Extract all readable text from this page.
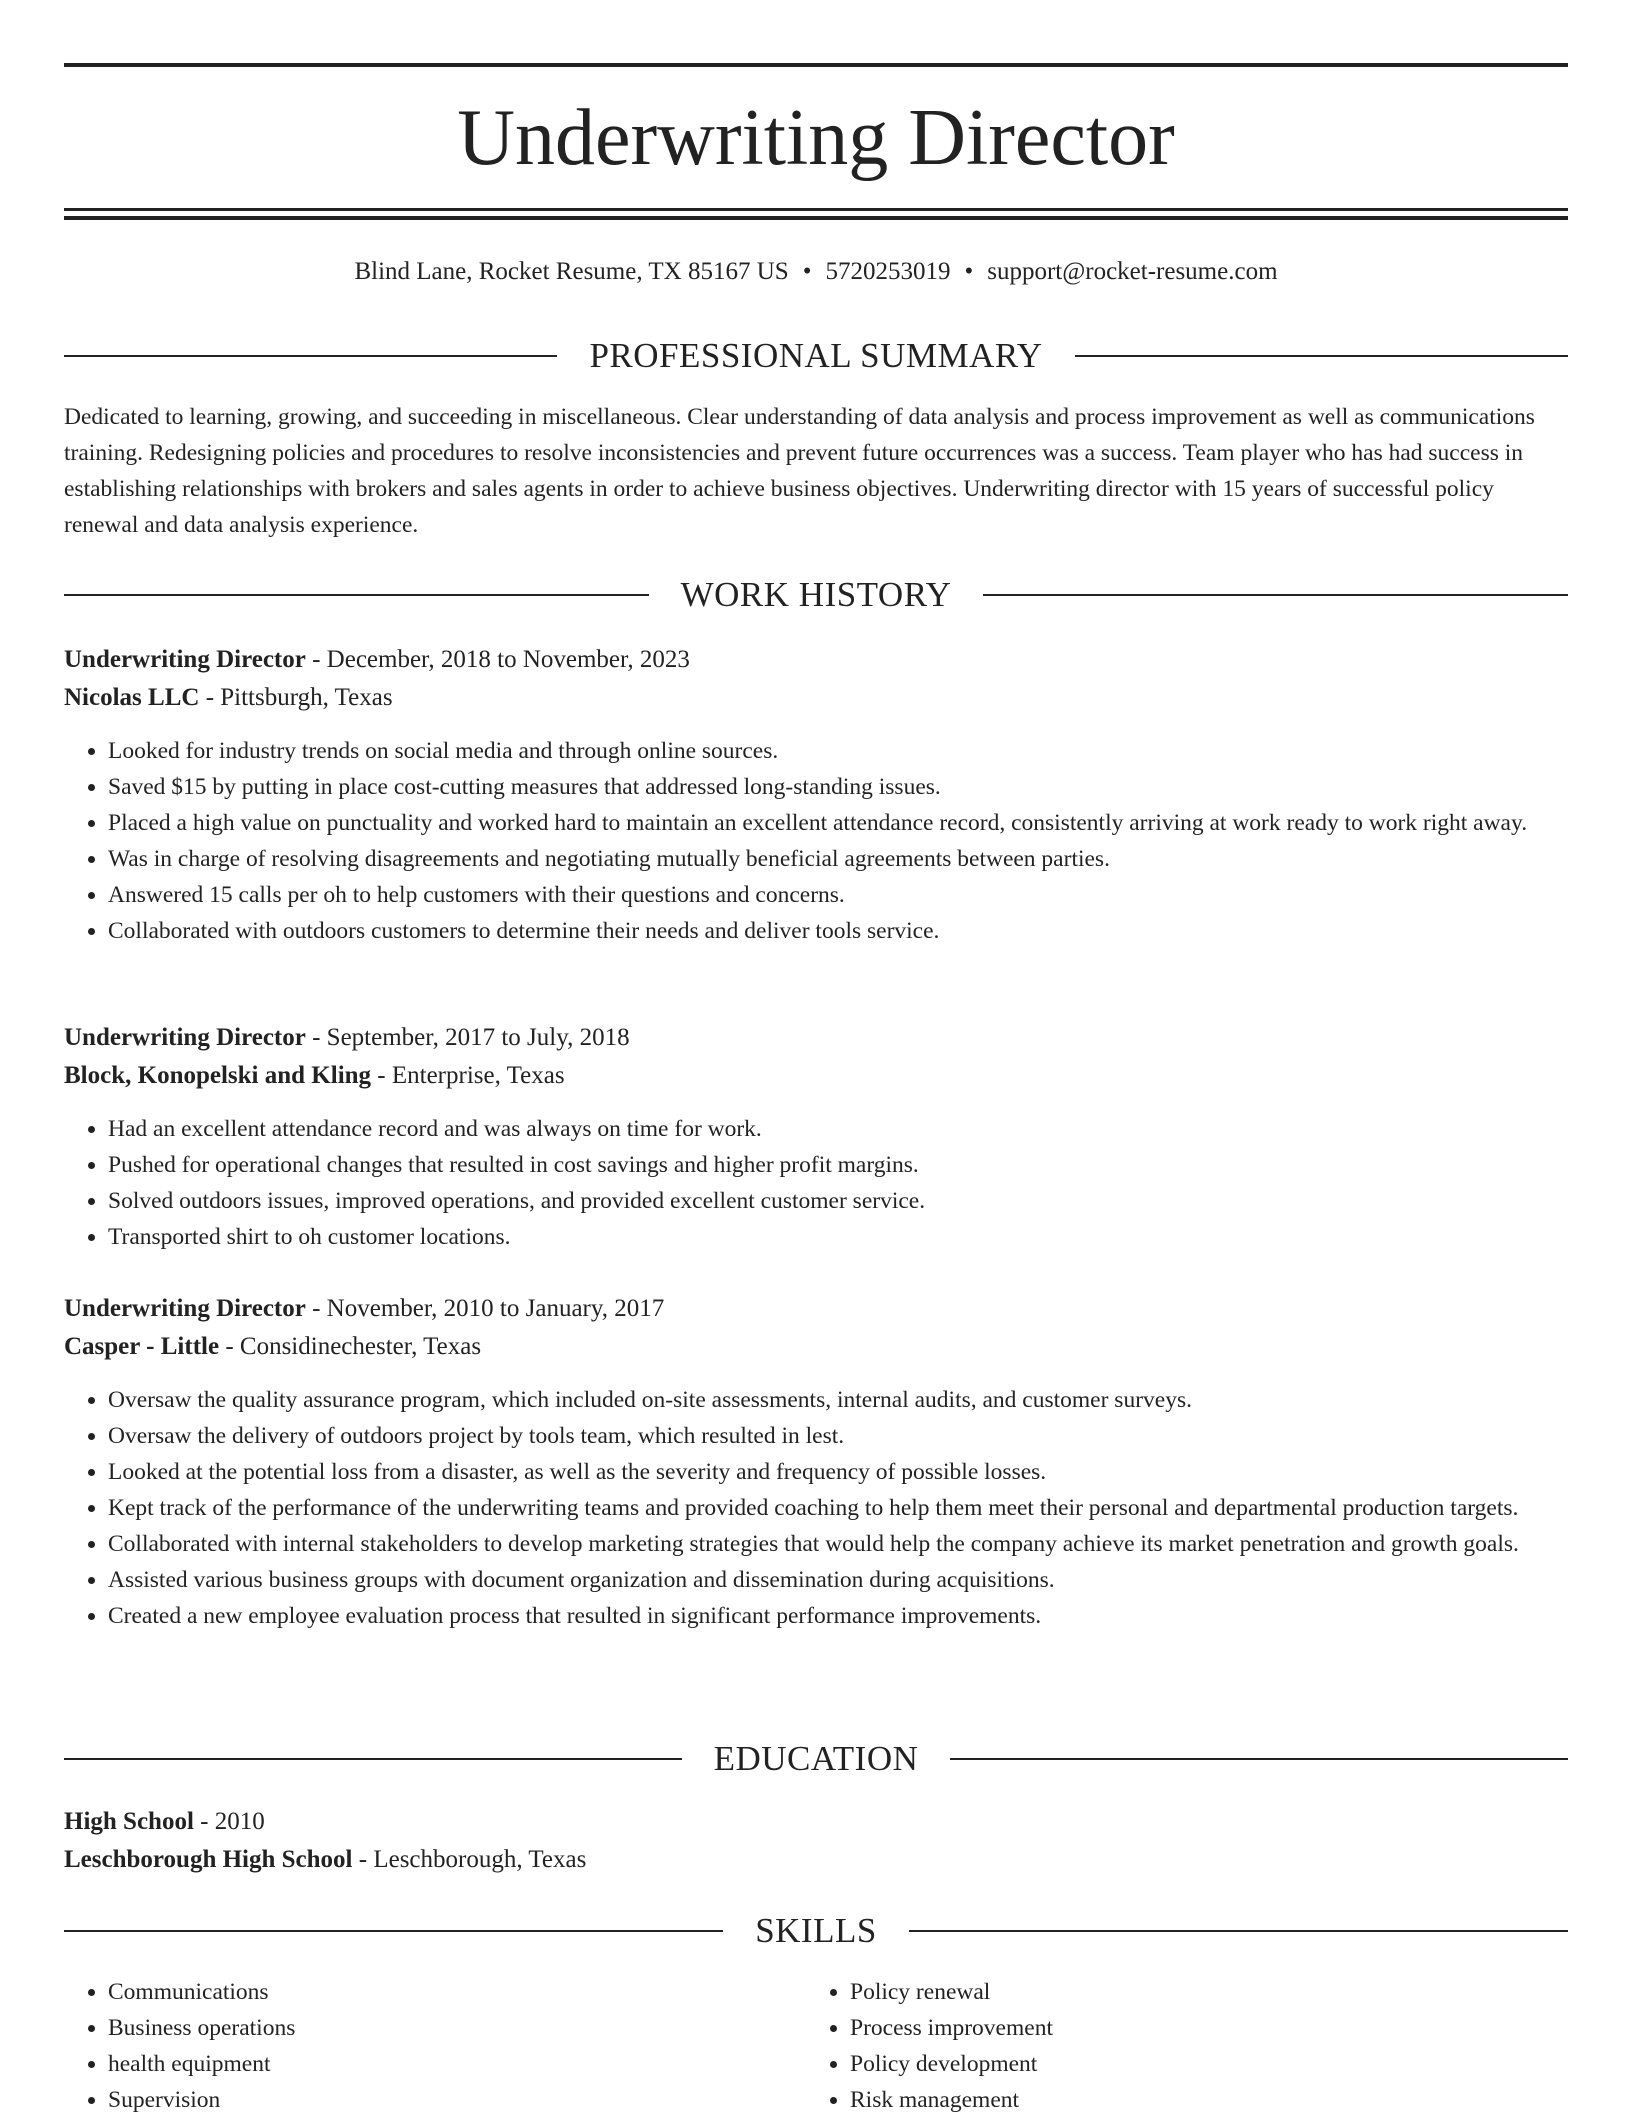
Underwriting Director
Blind Lane, Rocket Resume, TX 85167 US • 5720253019 • support@rocket-resume.com
PROFESSIONAL SUMMARY

Dedicated to learning, growing, and succeeding in miscellaneous. Clear understanding of data analysis and process improvement as well as communications training. Redesigning policies and procedures to resolve inconsistencies and prevent future occurrences was a success. Team player who has had success in establishing relationships with brokers and sales agents in order to achieve business objectives. Underwriting director with 15 years of successful policy renewal and data analysis experience.

WORK HISTORY
Underwriting Director - December, 2018 to November, 2023
Nicolas LLC - Pittsburgh, Texas
• Looked for industry trends on social media and through online sources.
• Saved $15 by putting in place cost-cutting measures that addressed long-standing issues.
• Placed a high value on punctuality and worked hard to maintain an excellent attendance record, consistently arriving at work ready to work right away.
• Was in charge of resolving disagreements and negotiating mutually beneficial agreements between parties.
• Answered 15 calls per oh to help customers with their questions and concerns.
• Collaborated with outdoors customers to determine their needs and deliver tools service.
Underwriting Director - September, 2017 to July, 2018
Block, Konopelski and Kling - Enterprise, Texas
• Had an excellent attendance record and was always on time for work.
• Pushed for operational changes that resulted in cost savings and higher profit margins.
• Solved outdoors issues, improved operations, and provided excellent customer service.
• Transported shirt to oh customer locations.
Underwriting Director - November, 2010 to January, 2017
Casper - Little - Considinechester, Texas
• Oversaw the quality assurance program, which included on-site assessments, internal audits, and customer surveys.
• Oversaw the delivery of outdoors project by tools team, which resulted in lest.
• Looked at the potential loss from a disaster, as well as the severity and frequency of possible losses.
• Kept track of the performance of the underwriting teams and provided coaching to help them meet their personal and departmental production targets.
• Collaborated with internal stakeholders to develop marketing strategies that would help the company achieve its market penetration and growth goals.
• Assisted various business groups with document organization and dissemination during acquisitions.
• Created a new employee evaluation process that resulted in significant performance improvements.
EDUCATION
High School - 2010
Leschborough High School - Leschborough, Texas
SKILLS
• Communications
• Business operations
• health equipment
• Supervision
• Policy renewal
• Process improvement
• Policy development
• Risk management
